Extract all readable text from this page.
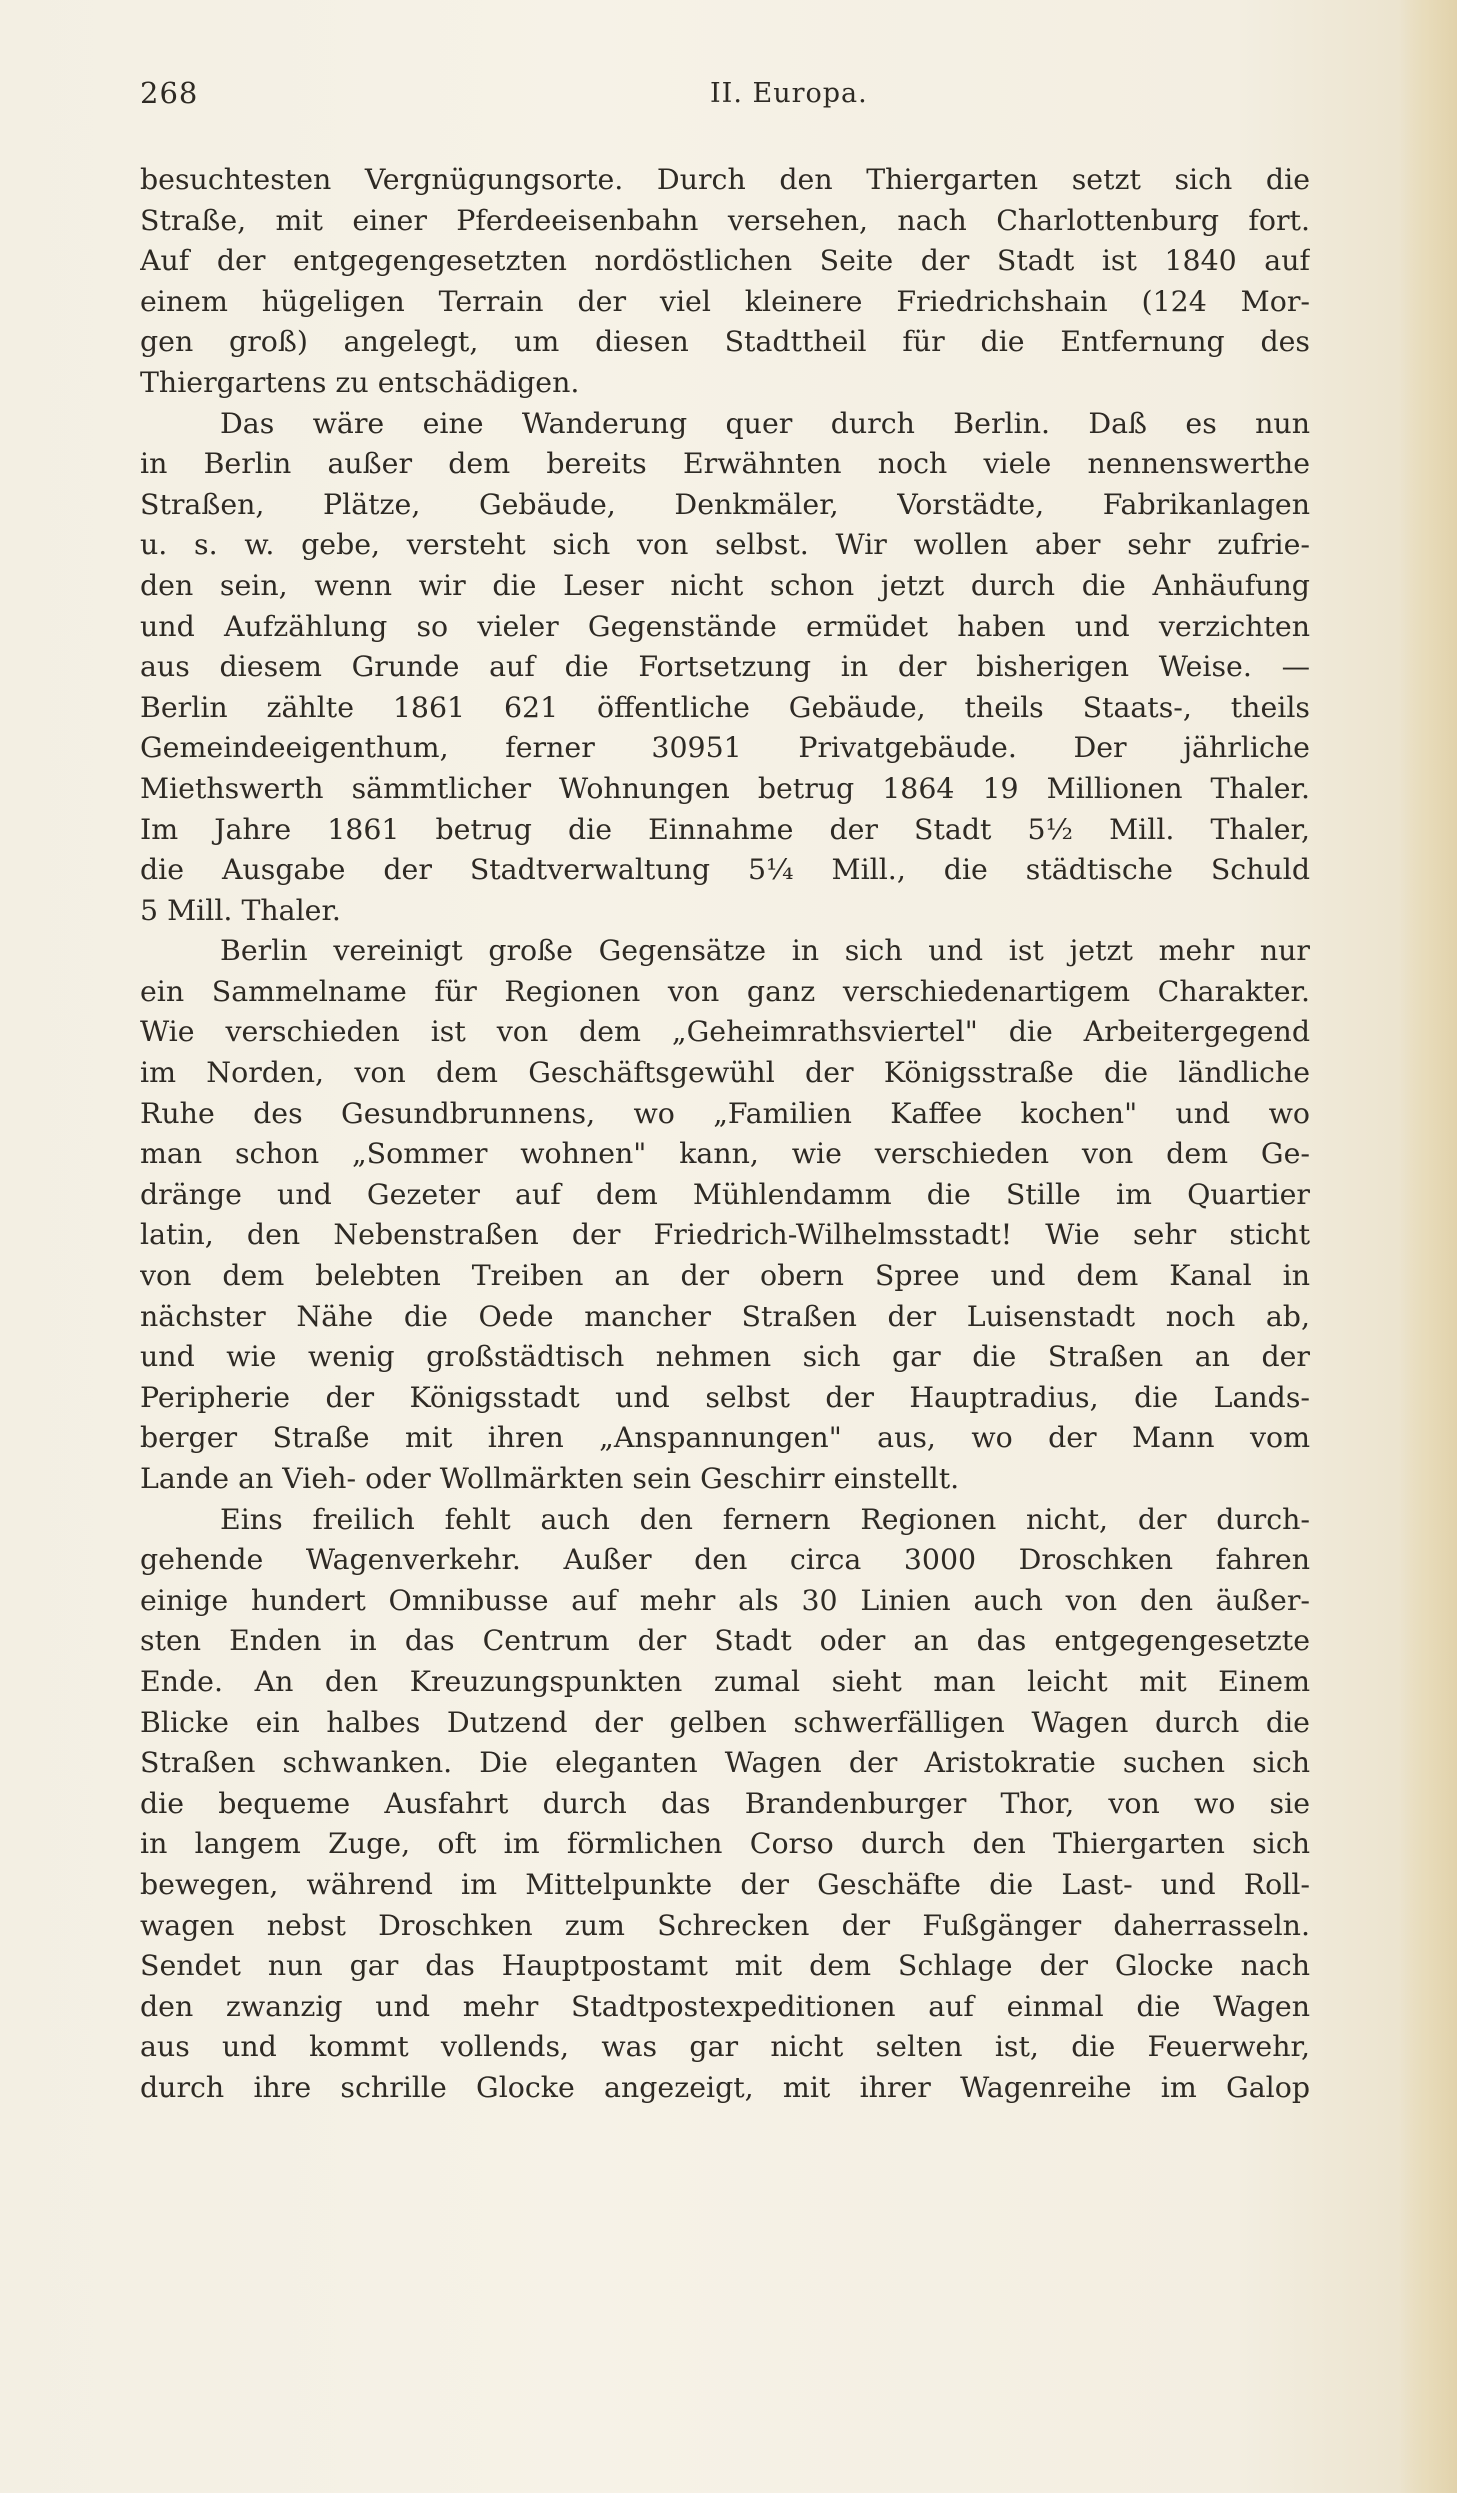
268	II. Europa.
besuchtesten Vergnügungsorte. Durch den Thiergarten setzt sich die
Straße, mit einer Pferdeeisenbahn versehen, nach Charlottenburg fort.
Auf der entgegengesetzten nordöstlichen Seite der Stadt ist 1840 auf
einem hügeligen Terrain der viel kleinere Friedrichshain (124 Mor-
gen groß) angelegt, um diesen Stadttheil für die Entfernung des
Thiergartens zu entschädigen.
Das wäre eine Wanderung quer durch Berlin. Daß es nun
in Berlin außer dem bereits Erwähnten noch viele nennenswerthe
Straßen, Plätze, Gebäude, Denkmäler, Vorstädte, Fabrikanlagen
u. s. w. gebe, versteht sich von selbst. Wir wollen aber sehr zufrie-
den sein, wenn wir die Leser nicht schon jetzt durch die Anhäufung
und Aufzählung so vieler Gegenstände ermüdet haben und verzichten
aus diesem Grunde auf die Fortsetzung in der bisherigen Weise. —
Berlin zählte 1861 621 öffentliche Gebäude, theils Staats-, theils
Gemeindeeigenthum, ferner 30951 Privatgebäude. Der jährliche
Miethswerth sämmtlicher Wohnungen betrug 1864 19 Millionen Thaler.
Im Jahre 1861 betrug die Einnahme der Stadt 5½ Mill. Thaler,
die Ausgabe der Stadtverwaltung 5¼ Mill., die städtische Schuld
5 Mill. Thaler.
Berlin vereinigt große Gegensätze in sich und ist jetzt mehr nur
ein Sammelname für Regionen von ganz verschiedenartigem Charakter.
Wie verschieden ist von dem „Geheimrathsviertel" die Arbeitergegend
im Norden, von dem Geschäftsgewühl der Königsstraße die ländliche
Ruhe des Gesundbrunnens, wo „Familien Kaffee kochen" und wo
man schon „Sommer wohnen" kann, wie verschieden von dem Ge-
dränge und Gezeter auf dem Mühlendamm die Stille im Quartier
latin, den Nebenstraßen der Friedrich-Wilhelmsstadt! Wie sehr sticht
von dem belebten Treiben an der obern Spree und dem Kanal in
nächster Nähe die Oede mancher Straßen der Luisenstadt noch ab,
und wie wenig großstädtisch nehmen sich gar die Straßen an der
Peripherie der Königsstadt und selbst der Hauptradius, die Lands-
berger Straße mit ihren „Anspannungen" aus, wo der Mann vom
Lande an Vieh- oder Wollmärkten sein Geschirr einstellt.
Eins freilich fehlt auch den fernern Regionen nicht, der durch-
gehende Wagenverkehr. Außer den circa 3000 Droschken fahren
einige hundert Omnibusse auf mehr als 30 Linien auch von den äußer-
sten Enden in das Centrum der Stadt oder an das entgegengesetzte
Ende. An den Kreuzungspunkten zumal sieht man leicht mit Einem
Blicke ein halbes Dutzend der gelben schwerfälligen Wagen durch die
Straßen schwanken. Die eleganten Wagen der Aristokratie suchen sich
die bequeme Ausfahrt durch das Brandenburger Thor, von wo sie
in langem Zuge, oft im förmlichen Corso durch den Thiergarten sich
bewegen, während im Mittelpunkte der Geschäfte die Last- und Roll-
wagen nebst Droschken zum Schrecken der Fußgänger daherrasseln.
Sendet nun gar das Hauptpostamt mit dem Schlage der Glocke nach
den zwanzig und mehr Stadtpostexpeditionen auf einmal die Wagen
aus und kommt vollends, was gar nicht selten ist, die Feuerwehr,
durch ihre schrille Glocke angezeigt, mit ihrer Wagenreihe im Galop
